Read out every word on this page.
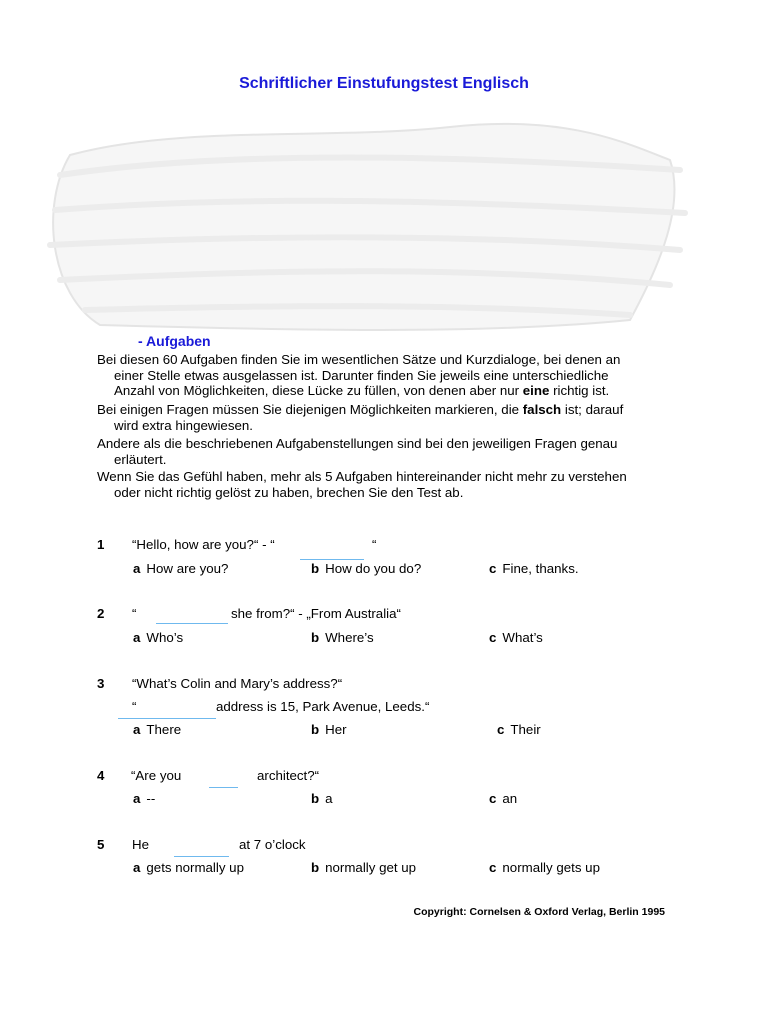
Schriftlicher Einstufungstest Englisch
- Aufgaben
Bei diesen 60 Aufgaben finden Sie im wesentlichen Sätze und Kurzdialoge, bei denen an
einer Stelle etwas ausgelassen ist. Darunter finden Sie jeweils eine unterschiedliche
Anzahl von Möglichkeiten, diese Lücke zu füllen, von denen aber nur eine richtig ist.
Bei einigen Fragen müssen Sie diejenigen Möglichkeiten markieren, die falsch ist; darauf
wird extra hingewiesen.
Andere als die beschriebenen Aufgabenstellungen sind bei den jeweiligen Fragen genau
erläutert.
Wenn Sie das Gefühl haben, mehr als 5 Aufgaben hintereinander nicht mehr zu verstehen
oder nicht richtig gelöst zu haben, brechen Sie den Test ab.
1 “Hello, how are you?“ - “	“
a How are you?	b How do you do?	c Fine, thanks.
2 “	she from?“ - „From Australia“
a Who’s	b Where’s	c What’s
3 “What’s Colin and Mary’s address?“
“	address is 15, Park Avenue, Leeds.“
a There	b Her	c Their
4 “Are you	architect?“
a --	b a	c an
5 He	at 7 o’clock
a gets normally up	b normally get up	c normally gets up
Copyright: Cornelsen & Oxford Verlag, Berlin 1995
